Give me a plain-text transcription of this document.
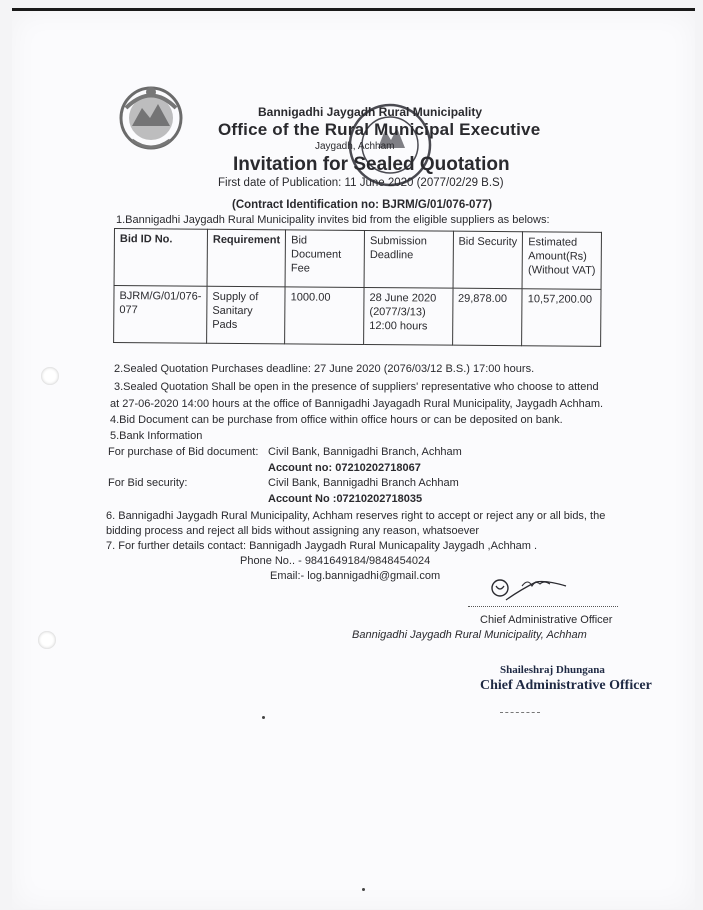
Bannigadhi Jaygadh Rural Municipality
Office of the Rural Municipal Executive
Jaygadh, Achham
Invitation for Sealed Quotation
First date of Publication: 11 June 2020 (2077/02/29 B.S)
(Contract Identification no: BJRM/G/01/076-077)
1.Bannigadhi Jaygadh Rural Municipality invites bid from the eligible suppliers as belows:
Bid ID No.	Requirement	Bid Document Fee	Submission Deadline	Bid Security	Estimated Amount(Rs) (Without VAT)
BJRM/G/01/076-077	Supply of Sanitary Pads	1000.00	28 June 2020 (2077/3/13) 12:00 hours	29,878.00	10,57,200.00
2.Sealed Quotation Purchases deadline: 27 June 2020 (2076/03/12 B.S.) 17:00 hours.
3.Sealed Quotation Shall be open in the presence of suppliers' representative who choose to attend
at 27-06-2020 14:00 hours at the office of Bannigadhi Jayagadh Rural Municipality, Jaygadh Achham.
4.Bid Document can be purchase from office within office hours or can be deposited on bank.
5.Bank Information
For purchase of Bid document: Civil Bank, Bannigadhi Branch, Achham
Account no: 07210202718067
For Bid security:	Civil Bank, Bannigadhi Branch Achham
Account No :07210202718035
6. Bannigadhi Jaygadh Rural Municipality, Achham reserves right to accept or reject any or all bids, the
bidding process and reject all bids without assigning any reason, whatsoever
7. For further details contact: Bannigadh Jaygadh Rural Municapality Jaygadh ,Achham .
Phone No.. - 9841649184/9848454024
Email:- log.bannigadhi@gmail.com
Chief Administrative Officer
Bannigadhi Jaygadh Rural Municipality, Achham
Shaileshraj Dhungana
Chief Administrative Officer
